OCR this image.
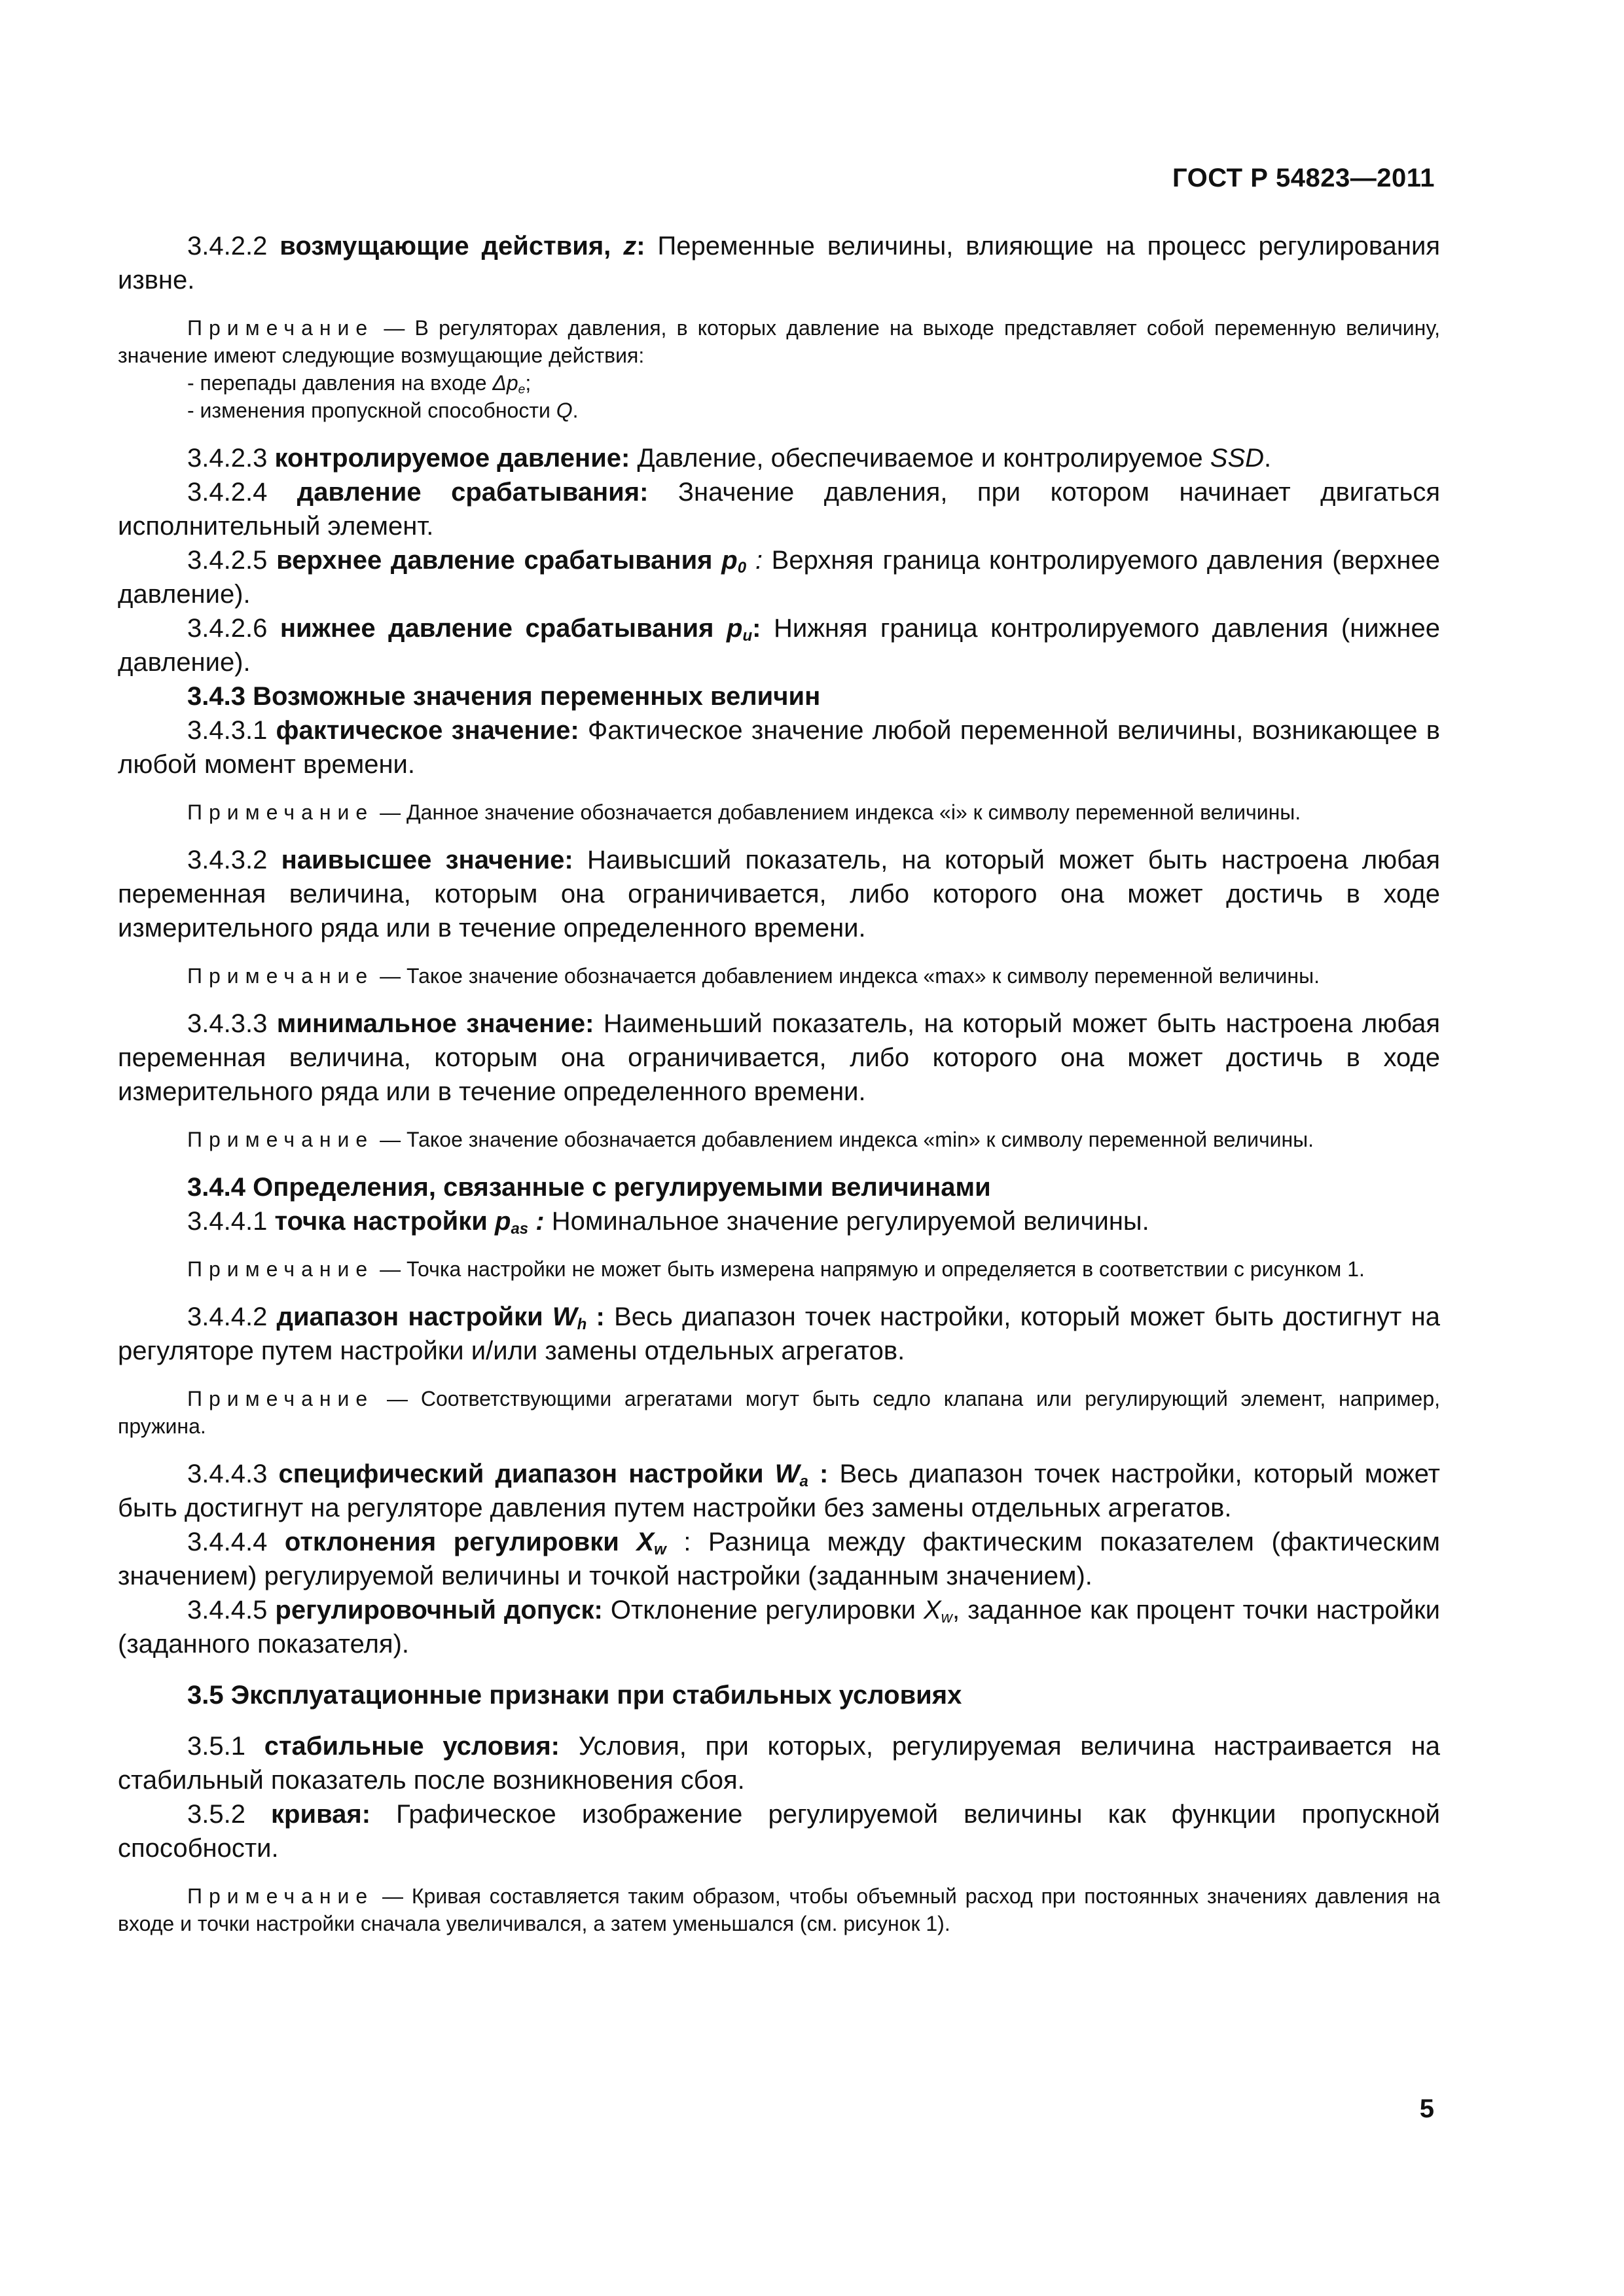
ГОСТ Р 54823—2011

3.4.2.2 возмущающие действия, z: Переменные величины, влияющие на процесс регулирования извне.

Примечание — В регуляторах давления, в которых давление на выходе представляет собой переменную величину, значение имеют следующие возмущающие действия:

- перепады давления на входе $\Delta p_e$;

- изменения пропускной способности Q.

3.4.2.3 контролируемое давление: Давление, обеспечиваемое и контролируемое SSD.

3.4.2.4 давление срабатывания: Значение давления, при котором начинает двигаться исполнительный элемент.

3.4.2.5 верхнее давление срабатывания $p_0$ : Верхняя граница контролируемого давления (верхнее давление).

3.4.2.6 нижнее давление срабатывания $p_u$: Нижняя граница контролируемого давления (нижнее давление).

3.4.3 Возможные значения переменных величин

3.4.3.1 фактическое значение: Фактическое значение любой переменной величины, возникающее в любой момент времени.

Примечание — Данное значение обозначается добавлением индекса «i» к символу переменной величины.

3.4.3.2 наивысшее значение: Наивысший показатель, на который может быть настроена любая переменная величина, которым она ограничивается, либо которого она может достичь в ходе измерительного ряда или в течение определенного времени.

Примечание — Такое значение обозначается добавлением индекса «max» к символу переменной величины.

3.4.3.3 минимальное значение: Наименьший показатель, на который может быть настроена любая переменная величина, которым она ограничивается, либо которого она может достичь в ходе измерительного ряда или в течение определенного времени.

Примечание — Такое значение обозначается добавлением индекса «min» к символу переменной величины.

3.4.4 Определения, связанные с регулируемыми величинами

3.4.4.1 точка настройки $p_{as}$ : Номинальное значение регулируемой величины.

Примечание — Точка настройки не может быть измерена напрямую и определяется в соответствии с рисунком 1.

3.4.4.2 диапазон настройки $W_h$ : Весь диапазон точек настройки, который может быть достигнут на регуляторе путем настройки и/или замены отдельных агрегатов.

Примечание — Соответствующими агрегатами могут быть седло клапана или регулирующий элемент, например, пружина.

3.4.4.3 специфический диапазон настройки $W_a$ : Весь диапазон точек настройки, который может быть достигнут на регуляторе давления путем настройки без замены отдельных агрегатов.

3.4.4.4 отклонения регулировки $X_w$ : Разница между фактическим показателем (фактическим значением) регулируемой величины и точкой настройки (заданным значением).

3.4.4.5 регулировочный допуск: Отклонение регулировки $X_w$, заданное как процент точки настройки (заданного показателя).

3.5 Эксплуатационные признаки при стабильных условиях

3.5.1 стабильные условия: Условия, при которых, регулируемая величина настраивается на стабильный показатель после возникновения сбоя.

3.5.2 кривая: Графическое изображение регулируемой величины как функции пропускной способности.

Примечание — Кривая составляется таким образом, чтобы объемный расход при постоянных значениях давления на входе и точки настройки сначала увеличивался, а затем уменьшался (см. рисунок 1).

5
